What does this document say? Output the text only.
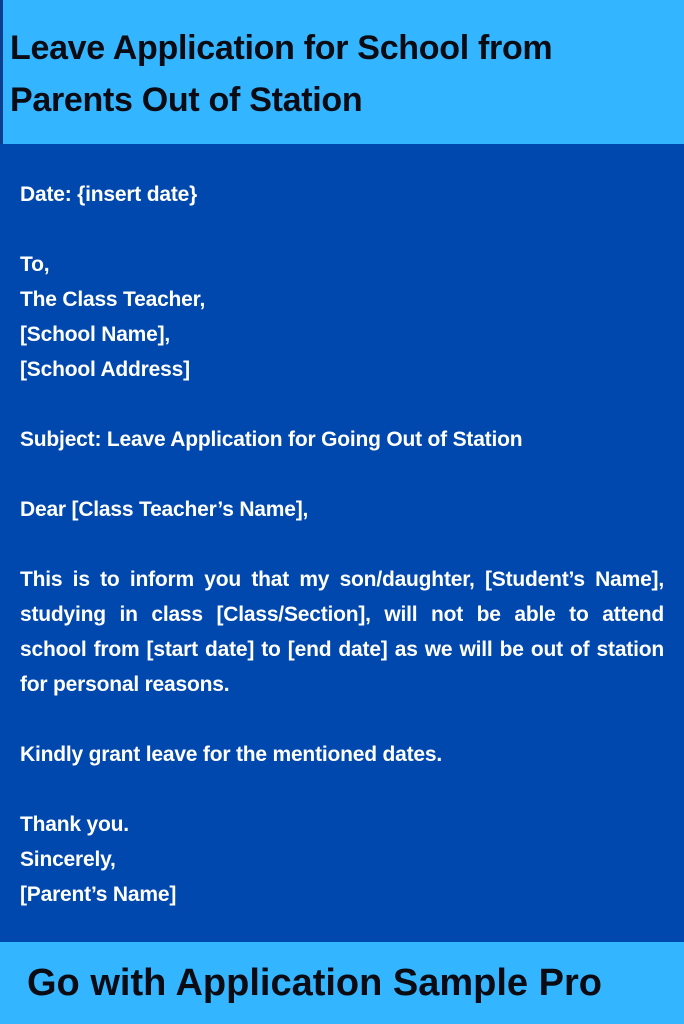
Leave Application for School from Parents Out of Station
Date: {insert date}
To,
The Class Teacher,
[School Name],
[School Address]
Subject: Leave Application for Going Out of Station
Dear [Class Teacher’s Name],
This is to inform you that my son/daughter, [Student’s Name], studying in class [Class/Section], will not be able to attend school from [start date] to [end date] as we will be out of station for personal reasons.
Kindly grant leave for the mentioned dates.
Thank you.
Sincerely,
[Parent’s Name]
Go with Application Sample Pro
